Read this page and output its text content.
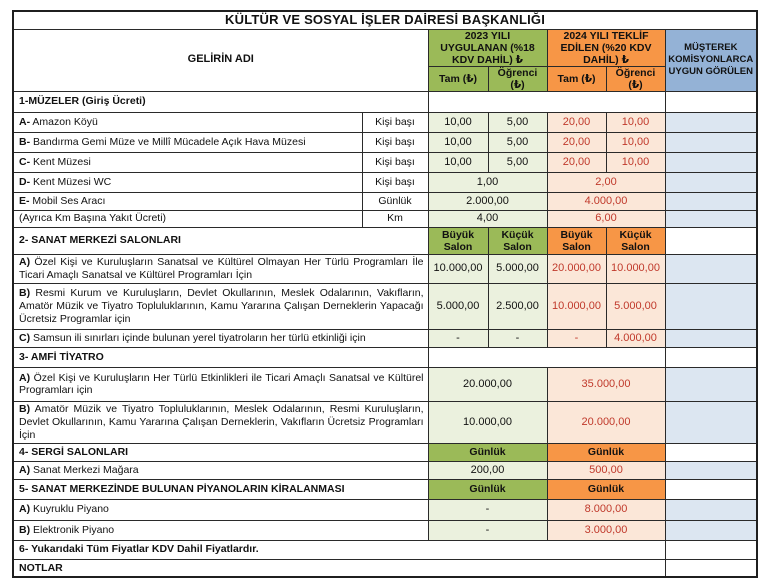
KÜLTÜR VE SOSYAL İŞLER DAİRESİ BAŞKANLIĞI						
GELİRİN ADI		2023 YILI UYGULANAN (%18 KDV DAHİL) ₺		2024 YILI TEKLİF EDİLEN (%20 KDV DAHİL) ₺		MÜŞTEREK KOMİSYONLARCA UYGUN GÖRÜLEN
		Tam (₺)	Öğrenci (₺)	Tam (₺)	Öğrenci (₺)	
1-MÜZELER (Giriş Ücreti)						
A- Amazon Köyü	Kişi başı	10,00	5,00	20,00	10,00	
B- Bandırma Gemi Müze ve Millî Mücadele Açık Hava Müzesi	Kişi başı	10,00	5,00	20,00	10,00	
C- Kent Müzesi	Kişi başı	10,00	5,00	20,00	10,00	
D- Kent Müzesi WC	Kişi başı	1,00		2,00		
E- Mobil Ses Aracı	Günlük	2.000,00		4.000,00		
(Ayrıca Km Başına Yakıt Ücreti)	Km	4,00		6,00		
2- SANAT MERKEZİ SALONLARI		Büyük Salon	Küçük Salon	Büyük Salon	Küçük Salon	
A) Özel Kişi ve Kuruluşların Sanatsal ve Kültürel Olmayan Her Türlü Programları İle Ticari Amaçlı Sanatsal ve Kültürel Programları İçin		10.000,00	5.000,00	20.000,00	10.000,00	
B) Resmi Kurum ve Kuruluşların, Devlet Okullarının, Meslek Odalarının, Vakıfların, Amatör Müzik ve Tiyatro Topluluklarının, Kamu Yararına Çalışan Derneklerin Yapacağı Ücretsiz Programlar için		5.000,00	2.500,00	10.000,00	5.000,00	
C) Samsun ili sınırları içinde bulunan yerel tiyatroların her türlü etkinliği için		-	-	-	4.000,00	
3- AMFİ TİYATRO						
A) Özel Kişi ve Kuruluşların Her Türlü Etkinlikleri ile Ticari Amaçlı Sanatsal ve Kültürel Programları için		20.000,00		35.000,00		
B) Amatör Müzik ve Tiyatro Topluluklarının, Meslek Odalarının, Resmi Kuruluşların, Devlet Okullarının, Kamu Yararına Çalışan Derneklerin, Vakıfların Ücretsiz Programları İçin		10.000,00		20.000,00		
4- SERGİ SALONLARI		Günlük		Günlük		
A) Sanat Merkezi Mağara		200,00		500,00		
5- SANAT MERKEZİNDE BULUNAN PİYANOLARIN KİRALANMASI		Günlük		Günlük		
A) Kuyruklu Piyano		-		8.000,00		
B) Elektronik Piyano		-		3.000,00		
6- Yukarıdaki Tüm Fiyatlar KDV Dahil Fiyatlardır.						
NOTLAR						
